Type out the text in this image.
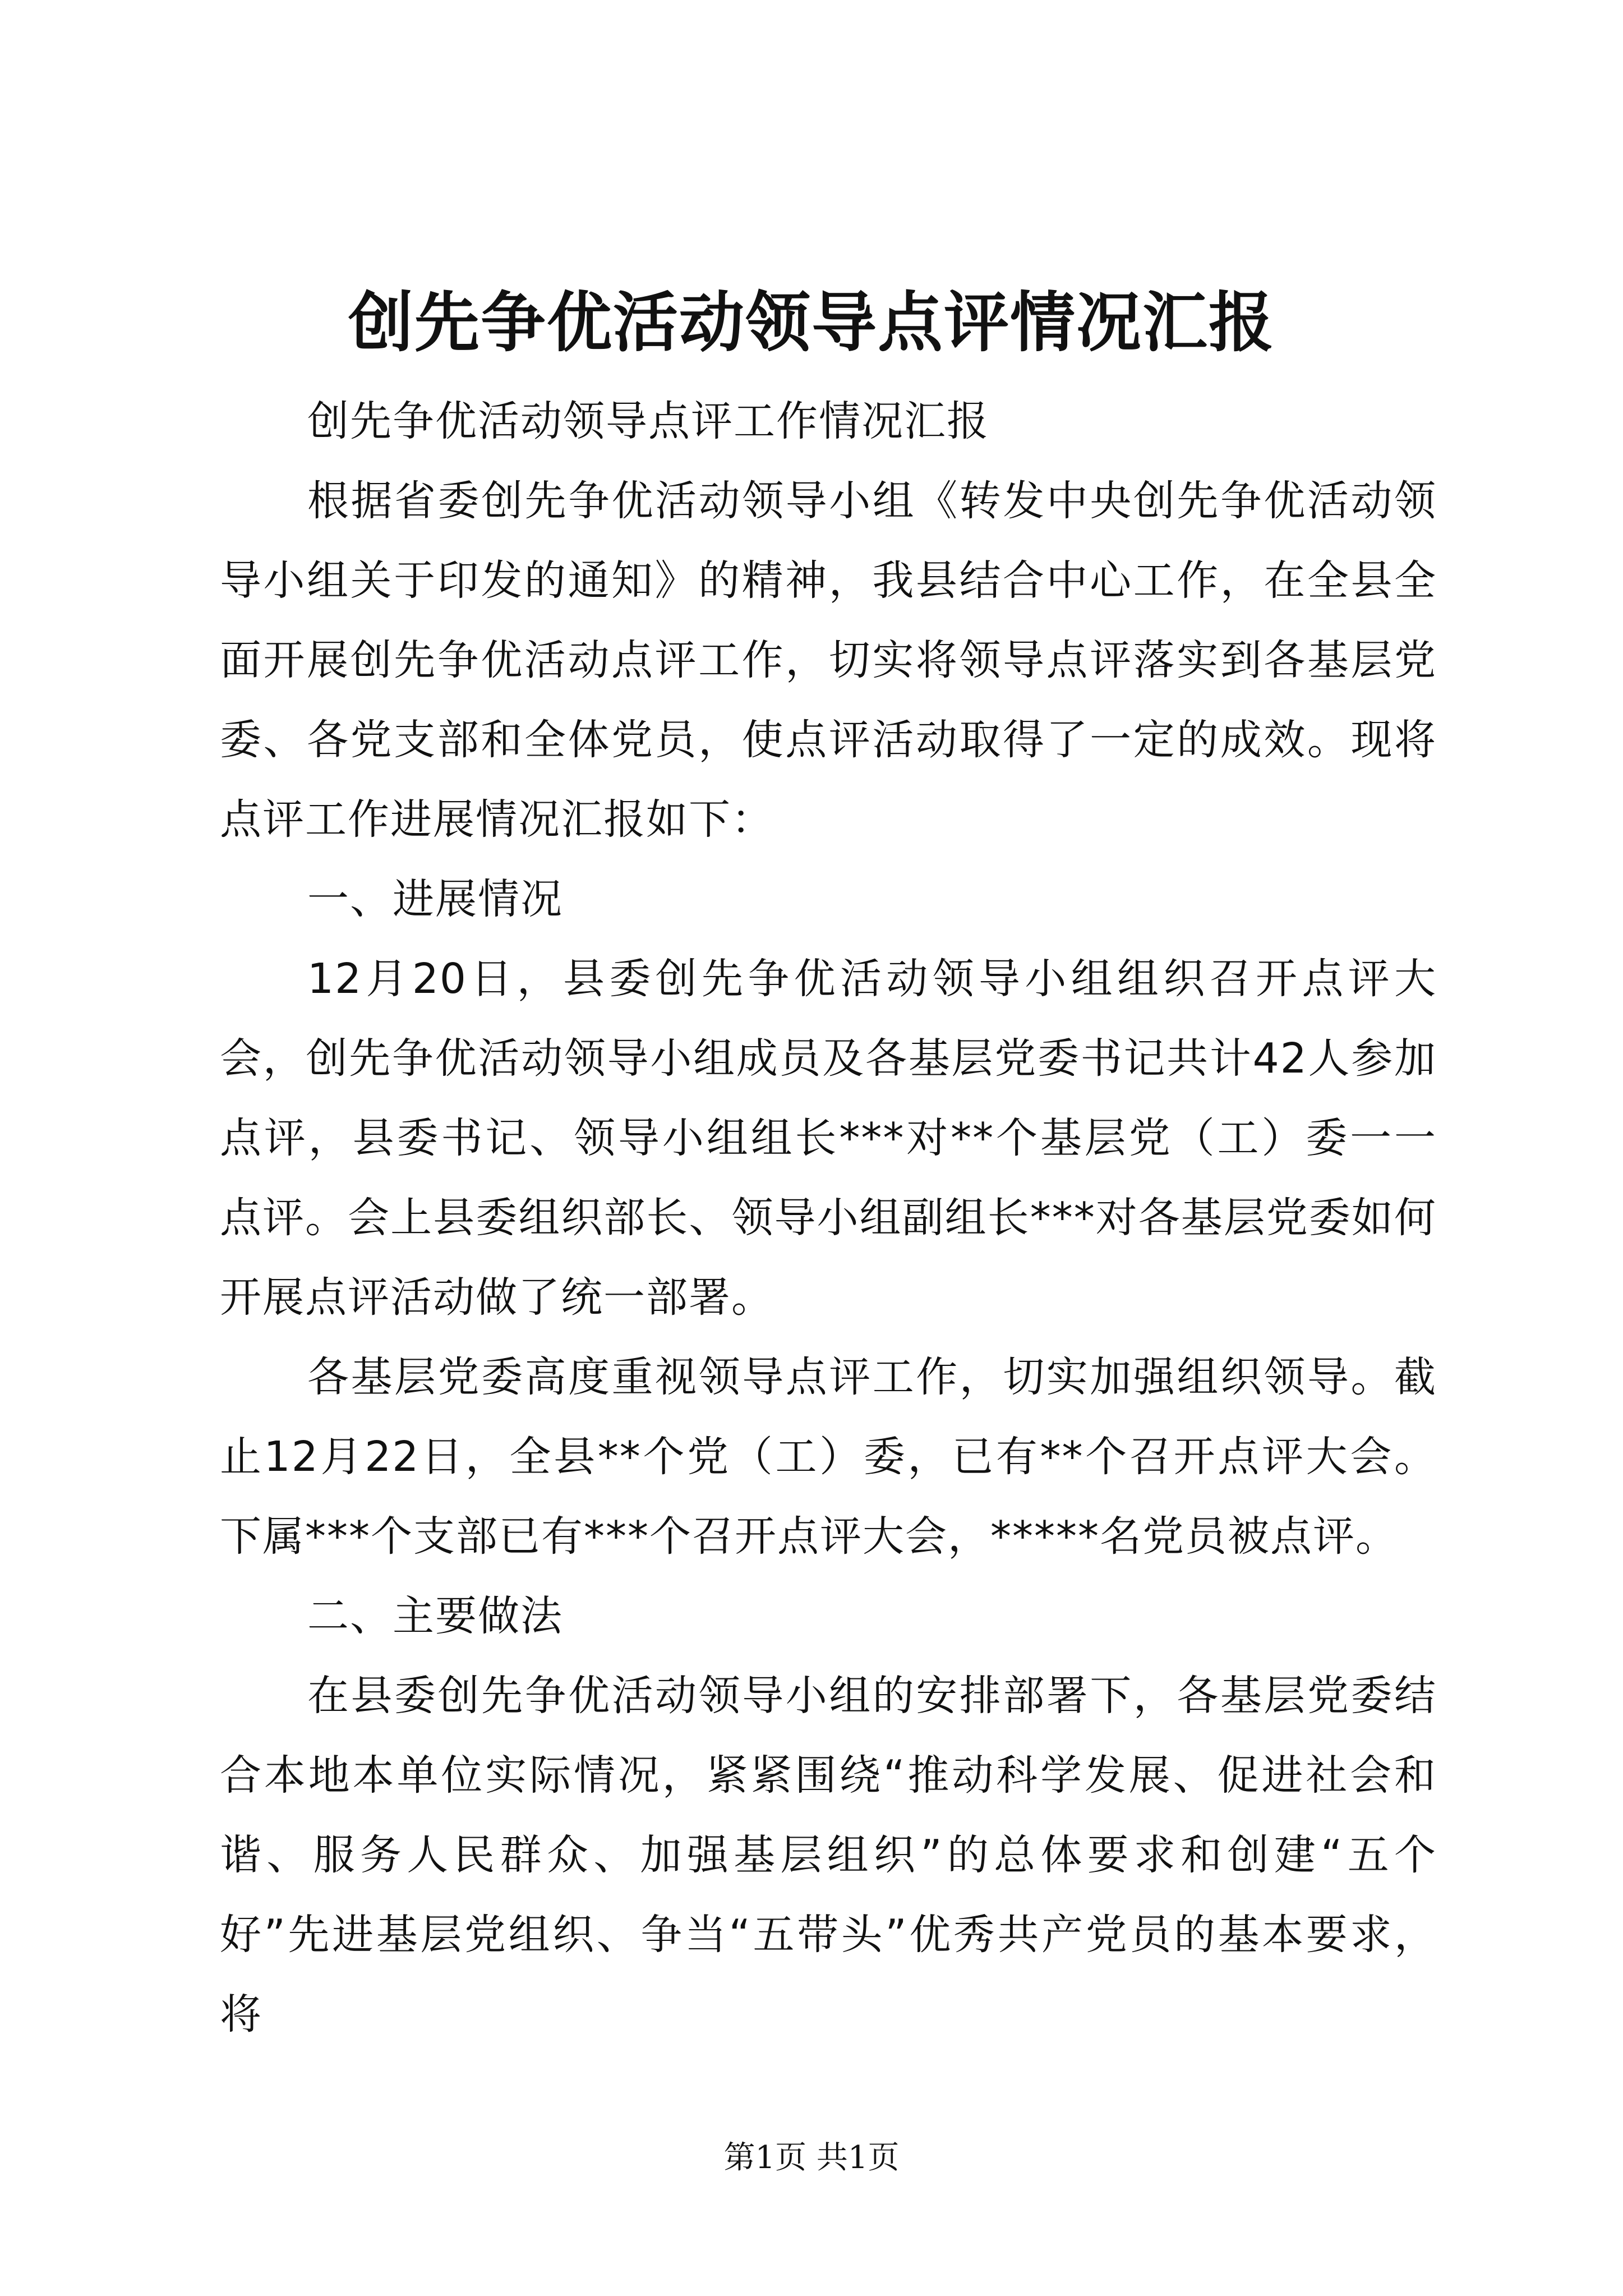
创先争优活动领导点评情况汇报

创先争优活动领导点评工作情况汇报

根据省委创先争优活动领导小组《转发中央创先争优活动领导小组关于印发的通知》的精神，我县结合中心工作，在全县全面开展创先争优活动点评工作，切实将领导点评落实到各基层党委、各党支部和全体党员，使点评活动取得了一定的成效。现将点评工作进展情况汇报如下：

一、进展情况

12月20日，县委创先争优活动领导小组组织召开点评大会，创先争优活动领导小组成员及各基层党委书记共计42人参加点评，县委书记、领导小组组长***对**个基层党（工）委一一点评。会上县委组织部长、领导小组副组长***对各基层党委如何开展点评活动做了统一部署。

各基层党委高度重视领导点评工作，切实加强组织领导。截止12月22日，全县**个党（工）委，已有**个召开点评大会。下属***个支部已有***个召开点评大会，*****名党员被点评。

二、主要做法

在县委创先争优活动领导小组的安排部署下，各基层党委结合本地本单位实际情况，紧紧围绕“推动科学发展、促进社会和谐、服务人民群众、加强基层组织”的总体要求和创建“五个好”先进基层党组织、争当“五带头”优秀共产党员的基本要求，将

第1页 共1页
